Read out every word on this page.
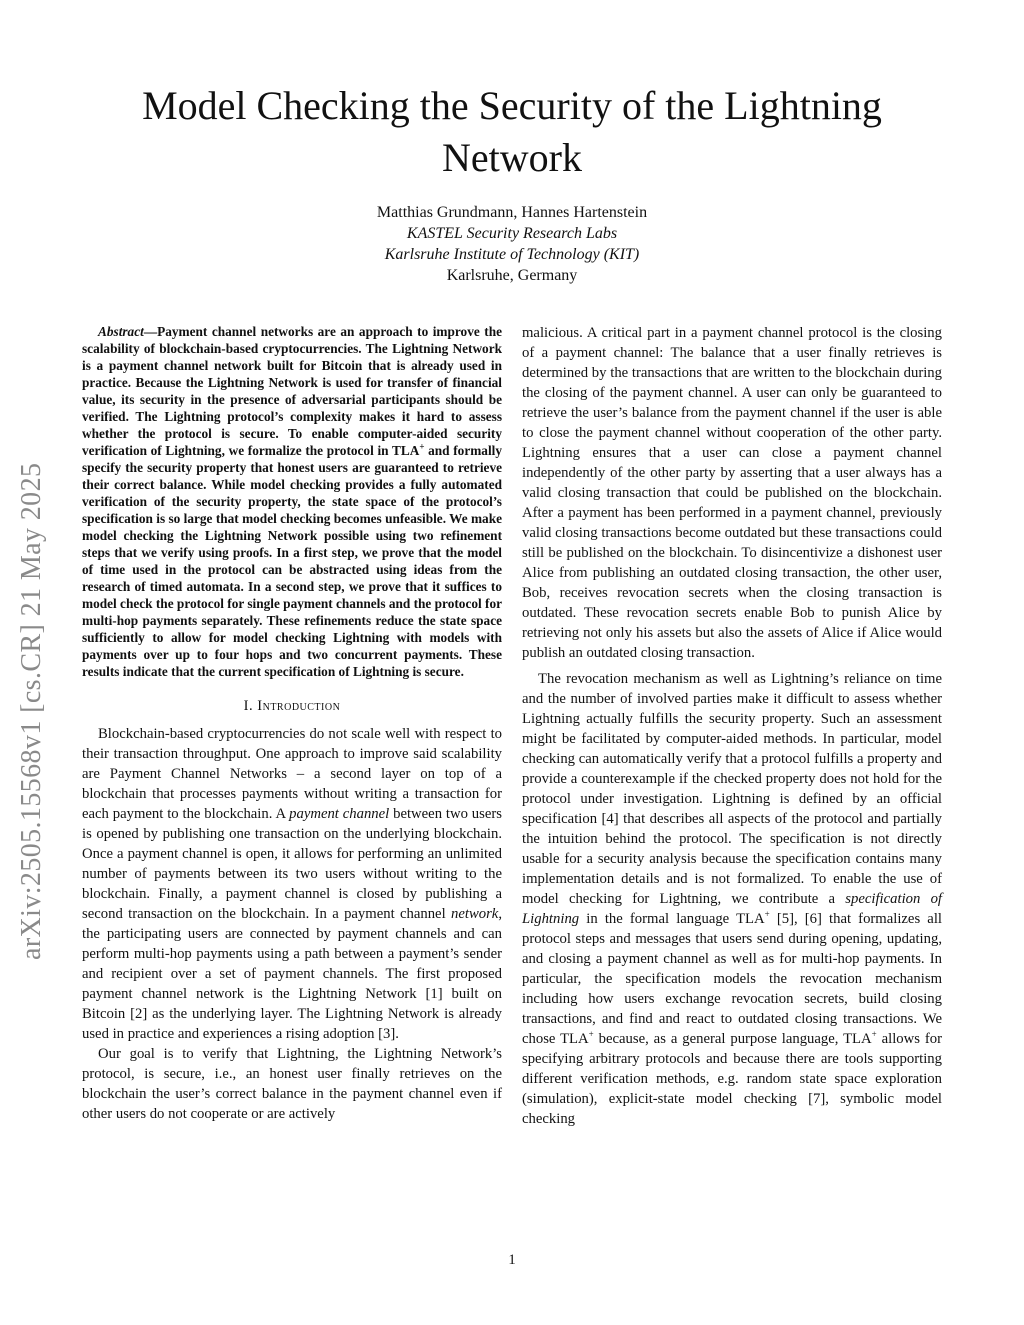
Model Checking the Security of the Lightning Network
Matthias Grundmann, Hannes Hartenstein
KASTEL Security Research Labs
Karlsruhe Institute of Technology (KIT)
Karlsruhe, Germany
arXiv:2505.15568v1 [cs.CR] 21 May 2025

Abstract—Payment channel networks are an approach to improve the scalability of blockchain-based cryptocurrencies. The Lightning Network is a payment channel network built for Bitcoin that is already used in practice. Because the Lightning Network is used for transfer of financial value, its security in the presence of adversarial participants should be verified. The Lightning protocol’s complexity makes it hard to assess whether the protocol is secure. To enable computer-aided security verification of Lightning, we formalize the protocol in TLA+ and formally specify the security property that honest users are guaranteed to retrieve their correct balance. While model checking provides a fully automated verification of the security property, the state space of the protocol’s specification is so large that model checking becomes unfeasible. We make model checking the Lightning Network possible using two refinement steps that we verify using proofs. In a first step, we prove that the model of time used in the protocol can be abstracted using ideas from the research of timed automata. In a second step, we prove that it suffices to model check the protocol for single payment channels and the protocol for multi-hop payments separately. These refinements reduce the state space sufficiently to allow for model checking Lightning with models with payments over up to four hops and two concurrent payments. These results indicate that the current specification of Lightning is secure.

I. Introduction

Blockchain-based cryptocurrencies do not scale well with respect to their transaction throughput. One approach to improve said scalability are Payment Channel Networks – a second layer on top of a blockchain that processes payments without writing a transaction for each payment to the blockchain. A payment channel between two users is opened by publishing one transaction on the underlying blockchain. Once a payment channel is open, it allows for performing an unlimited number of payments between its two users without writing to the blockchain. Finally, a payment channel is closed by publishing a second transaction on the blockchain. In a payment channel network, the participating users are connected by payment channels and can perform multi-hop payments using a path between a payment’s sender and recipient over a set of payment channels. The first proposed payment channel network is the Lightning Network [1] built on Bitcoin [2] as the underlying layer. The Lightning Network is already used in practice and experiences a rising adoption [3].

Our goal is to verify that Lightning, the Lightning Network’s protocol, is secure, i.e., an honest user finally retrieves on the blockchain the user’s correct balance in the payment channel even if other users do not cooperate or are actively

malicious. A critical part in a payment channel protocol is the closing of a payment channel: The balance that a user finally retrieves is determined by the transactions that are written to the blockchain during the closing of the payment channel. A user can only be guaranteed to retrieve the user’s balance from the payment channel if the user is able to close the payment channel without cooperation of the other party. Lightning ensures that a user can close a payment channel independently of the other party by asserting that a user always has a valid closing transaction that could be published on the blockchain. After a payment has been performed in a payment channel, previously valid closing transactions become outdated but these transactions could still be published on the blockchain. To disincentivize a dishonest user Alice from publishing an outdated closing transaction, the other user, Bob, receives revocation secrets when the closing transaction is outdated. These revocation secrets enable Bob to punish Alice by retrieving not only his assets but also the assets of Alice if Alice would publish an outdated closing transaction.

The revocation mechanism as well as Lightning’s reliance on time and the number of involved parties make it difficult to assess whether Lightning actually fulfills the security property. Such an assessment might be facilitated by computer-aided methods. In particular, model checking can automatically verify that a protocol fulfills a property and provide a counterexample if the checked property does not hold for the protocol under investigation. Lightning is defined by an official specification [4] that describes all aspects of the protocol and partially the intuition behind the protocol. The specification is not directly usable for a security analysis because the specification contains many implementation details and is not formalized. To enable the use of model checking for Lightning, we contribute a specification of Lightning in the formal language TLA+ [5], [6] that formalizes all protocol steps and messages that users send during opening, updating, and closing a payment channel as well as for multi-hop payments. In particular, the specification models the revocation mechanism including how users exchange revocation secrets, build closing transactions, and find and react to outdated closing transactions. We chose TLA+ because, as a general purpose language, TLA+ allows for specifying arbitrary protocols and because there are tools supporting different verification methods, e.g. random state space exploration (simulation), explicit-state model checking [7], symbolic model checking

1
